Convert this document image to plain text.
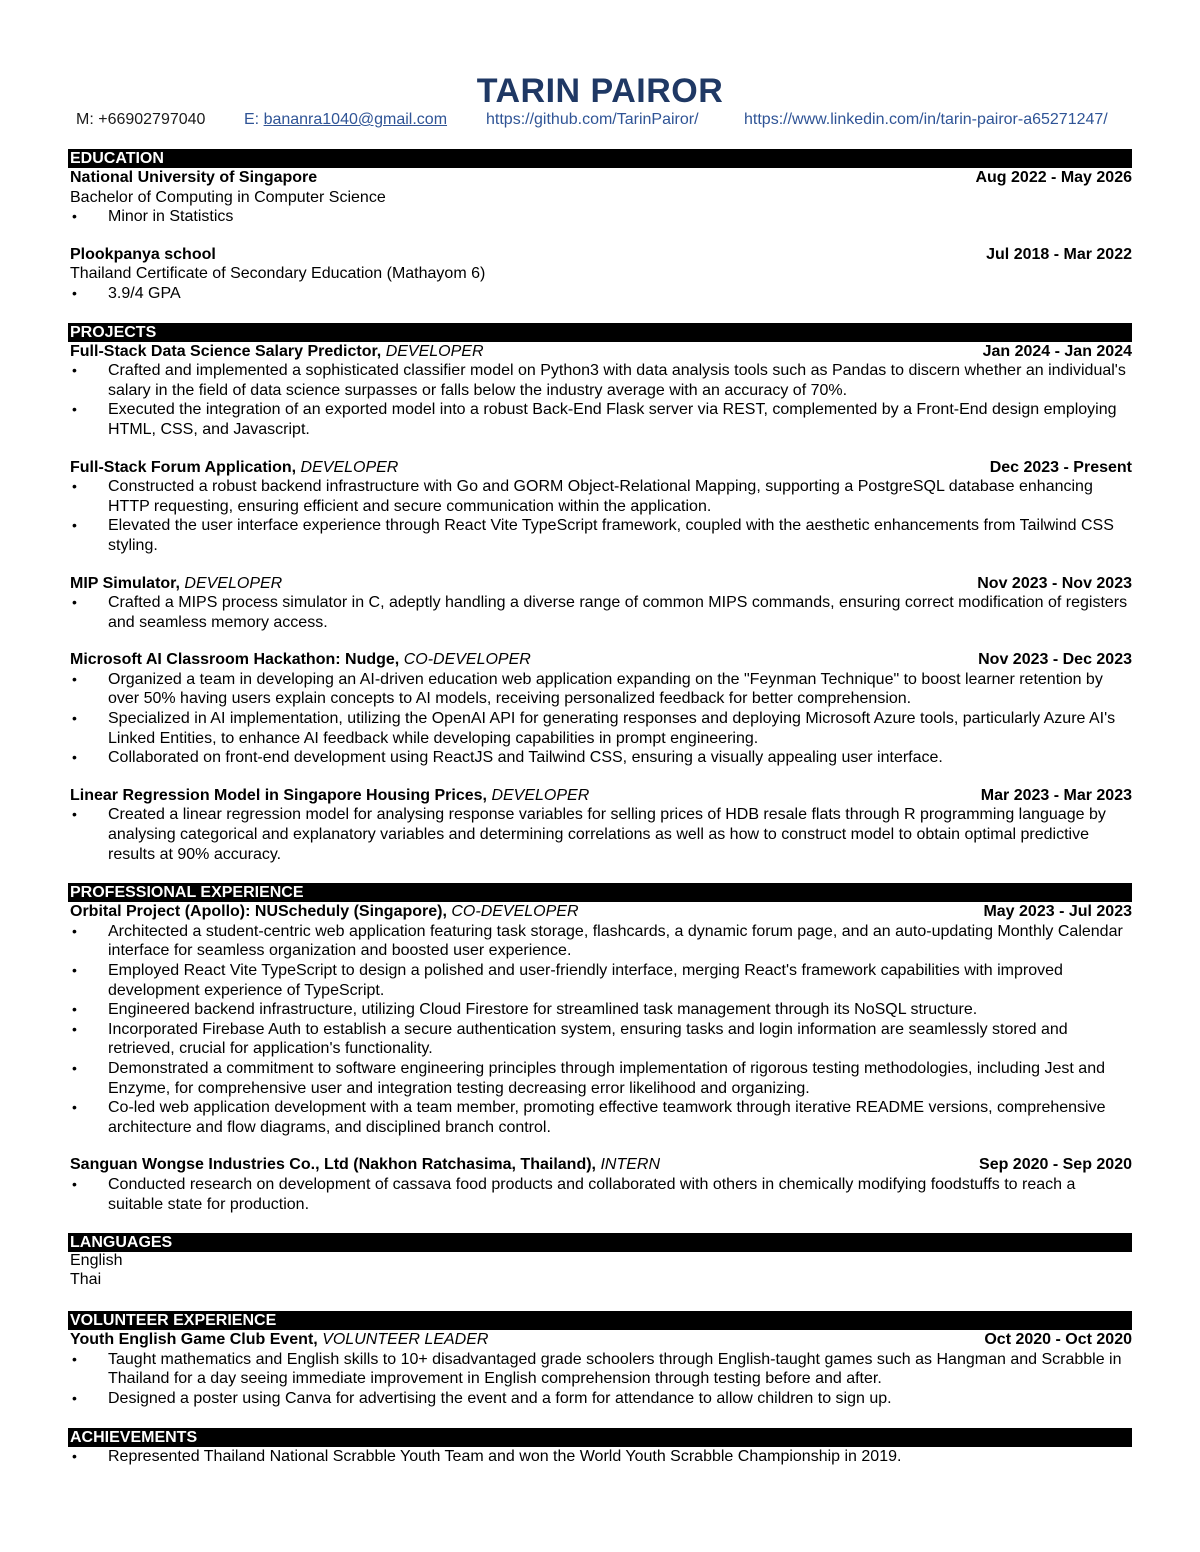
TARIN PAIROR
M: +66902797040 E: bananra1040@gmail.com https://github.com/TarinPairor/	https://www.linkedin.com/in/tarin-pairor-a65271247/
EDUCATION
National University of Singapore	Aug 2022 - May 2026
Bachelor of Computing in Computer Science
• Minor in Statistics
Plookpanya school	Jul 2018 - Mar 2022
Thailand Certificate of Secondary Education (Mathayom 6)
• 3.9/4 GPA
PROJECTS
Full-Stack Data Science Salary Predictor, DEVELOPER	Jan 2024 - Jan 2024
• Crafted and implemented a sophisticated classifier model on Python3 with data analysis tools such as Pandas to discern whether an individual's salary in the field of data science surpasses or falls below the industry average with an accuracy of 70%.
• Executed the integration of an exported model into a robust Back-End Flask server via REST, complemented by a Front-End design employing HTML, CSS, and Javascript.
Full-Stack Forum Application, DEVELOPER	Dec 2023 - Present
• Constructed a robust backend infrastructure with Go and GORM Object-Relational Mapping, supporting a PostgreSQL database enhancing HTTP requesting, ensuring efficient and secure communication within the application.
• Elevated the user interface experience through React Vite TypeScript framework, coupled with the aesthetic enhancements from Tailwind CSS styling.
MIP Simulator, DEVELOPER	Nov 2023 - Nov 2023
• Crafted a MIPS process simulator in C, adeptly handling a diverse range of common MIPS commands, ensuring correct modification of registers and seamless memory access.
Microsoft AI Classroom Hackathon: Nudge, CO-DEVELOPER	Nov 2023 - Dec 2023
• Organized a team in developing an AI-driven education web application expanding on the "Feynman Technique" to boost learner retention by over 50% having users explain concepts to AI models, receiving personalized feedback for better comprehension.
• Specialized in AI implementation, utilizing the OpenAI API for generating responses and deploying Microsoft Azure tools, particularly Azure AI's Linked Entities, to enhance AI feedback while developing capabilities in prompt engineering.
• Collaborated on front-end development using ReactJS and Tailwind CSS, ensuring a visually appealing user interface.
Linear Regression Model in Singapore Housing Prices, DEVELOPER	Mar 2023 - Mar 2023
• Created a linear regression model for analysing response variables for selling prices of HDB resale flats through R programming language by analysing categorical and explanatory variables and determining correlations as well as how to construct model to obtain optimal predictive results at 90% accuracy.
PROFESSIONAL EXPERIENCE
Orbital Project (Apollo): NUScheduly (Singapore), CO-DEVELOPER	May 2023 - Jul 2023
• Architected a student-centric web application featuring task storage, flashcards, a dynamic forum page, and an auto-updating Monthly Calendar interface for seamless organization and boosted user experience.
• Employed React Vite TypeScript to design a polished and user-friendly interface, merging React's framework capabilities with improved development experience of TypeScript.
• Engineered backend infrastructure, utilizing Cloud Firestore for streamlined task management through its NoSQL structure.
• Incorporated Firebase Auth to establish a secure authentication system, ensuring tasks and login information are seamlessly stored and retrieved, crucial for application's functionality.
• Demonstrated a commitment to software engineering principles through implementation of rigorous testing methodologies, including Jest and Enzyme, for comprehensive user and integration testing decreasing error likelihood and organizing.
• Co-led web application development with a team member, promoting effective teamwork through iterative README versions, comprehensive architecture and flow diagrams, and disciplined branch control.
Sanguan Wongse Industries Co., Ltd (Nakhon Ratchasima, Thailand), INTERN	Sep 2020 - Sep 2020
• Conducted research on development of cassava food products and collaborated with others in chemically modifying foodstuffs to reach a suitable state for production.
LANGUAGES
English
Thai
VOLUNTEER EXPERIENCE
Youth English Game Club Event, VOLUNTEER LEADER	Oct 2020 - Oct 2020
• Taught mathematics and English skills to 10+ disadvantaged grade schoolers through English-taught games such as Hangman and Scrabble in Thailand for a day seeing immediate improvement in English comprehension through testing before and after.
• Designed a poster using Canva for advertising the event and a form for attendance to allow children to sign up.
ACHIEVEMENTS
• Represented Thailand National Scrabble Youth Team and won the World Youth Scrabble Championship in 2019.
